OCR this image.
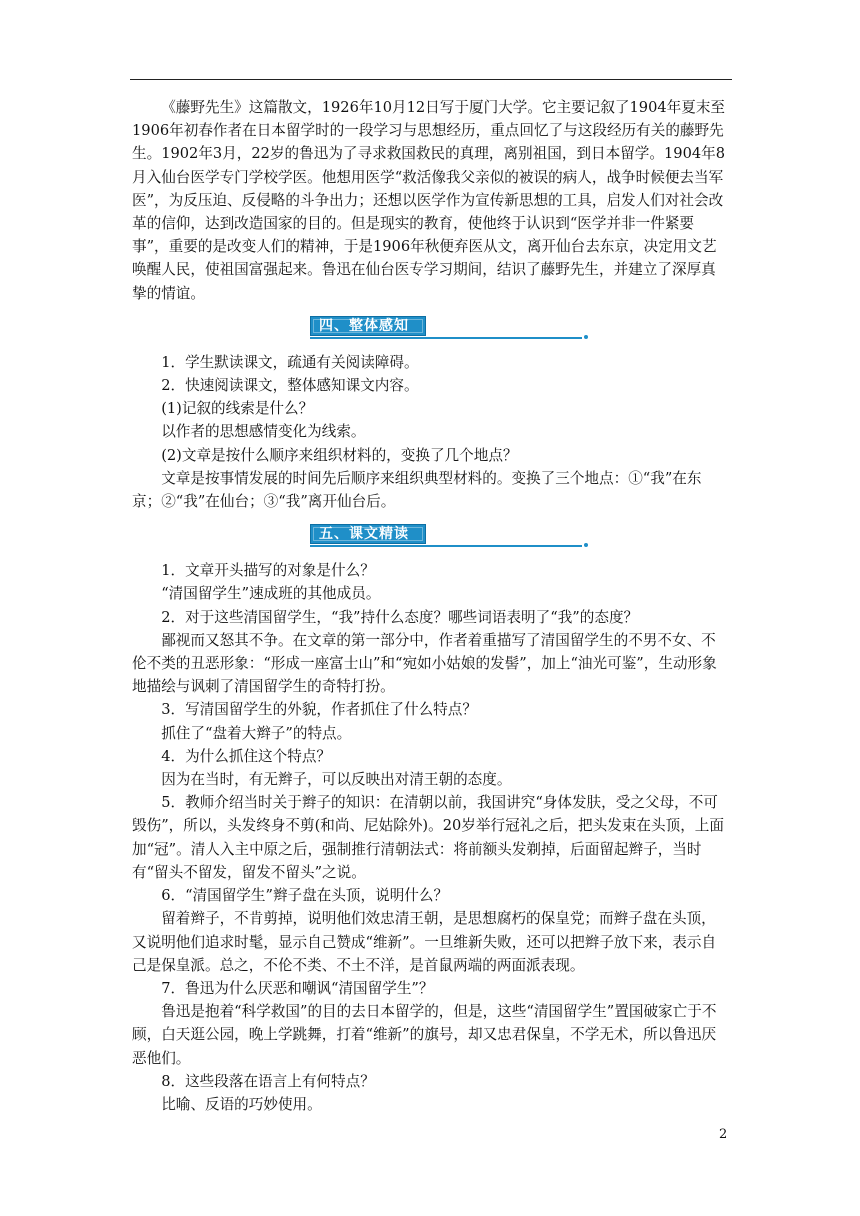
《藤野先生》这篇散文，1926年10月12日写于厦门大学。它主要记叙了1904年夏末至1906年初春作者在日本留学时的一段学习与思想经历，重点回忆了与这段经历有关的藤野先生。1902年3月，22岁的鲁迅为了寻求救国救民的真理，离别祖国，到日本留学。1904年8月入仙台医学专门学校学医。他想用医学“救活像我父亲似的被误的病人，战争时候便去当军医”，为反压迫、反侵略的斗争出力；还想以医学作为宣传新思想的工具，启发人们对社会改革的信仰，达到改造国家的目的。但是现实的教育，使他终于认识到“医学并非一件紧要事”，重要的是改变人们的精神，于是1906年秋便弃医从文，离开仙台去东京，决定用文艺唤醒人民，使祖国富强起来。鲁迅在仙台医专学习期间，结识了藤野先生，并建立了深厚真挚的情谊。

四、整体感知

1．学生默读课文，疏通有关阅读障碍。

2．快速阅读课文，整体感知课文内容。

(1)记叙的线索是什么？

以作者的思想感情变化为线索。

(2)文章是按什么顺序来组织材料的，变换了几个地点？

文章是按事情发展的时间先后顺序来组织典型材料的。变换了三个地点：①“我”在东京；②“我”在仙台；③“我”离开仙台后。

五、课文精读

1．文章开头描写的对象是什么？

“清国留学生”速成班的其他成员。

2．对于这些清国留学生，“我”持什么态度？哪些词语表明了“我”的态度？

鄙视而又怒其不争。在文章的第一部分中，作者着重描写了清国留学生的不男不女、不伦不类的丑恶形象：“形成一座富士山”和“宛如小姑娘的发髻”，加上“油光可鉴”，生动形象地描绘与讽刺了清国留学生的奇特打扮。

3．写清国留学生的外貌，作者抓住了什么特点？

抓住了“盘着大辫子”的特点。

4．为什么抓住这个特点？

因为在当时，有无辫子，可以反映出对清王朝的态度。

5．教师介绍当时关于辫子的知识：在清朝以前，我国讲究“身体发肤，受之父母，不可毁伤”，所以，头发终身不剪(和尚、尼姑除外)。20岁举行冠礼之后，把头发束在头顶，上面加“冠”。清人入主中原之后，强制推行清朝法式：将前额头发剃掉，后面留起辫子，当时有“留头不留发，留发不留头”之说。

6．“清国留学生”辫子盘在头顶，说明什么？

留着辫子，不肯剪掉，说明他们效忠清王朝，是思想腐朽的保皇党；而辫子盘在头顶，又说明他们追求时髦，显示自己赞成“维新”。一旦维新失败，还可以把辫子放下来，表示自己是保皇派。总之，不伦不类、不土不洋，是首鼠两端的两面派表现。

7．鲁迅为什么厌恶和嘲讽“清国留学生”？

鲁迅是抱着“科学救国”的目的去日本留学的，但是，这些“清国留学生”置国破家亡于不顾，白天逛公园，晚上学跳舞，打着“维新”的旗号，却又忠君保皇，不学无术，所以鲁迅厌恶他们。

8．这些段落在语言上有何特点？

比喻、反语的巧妙使用。

2
